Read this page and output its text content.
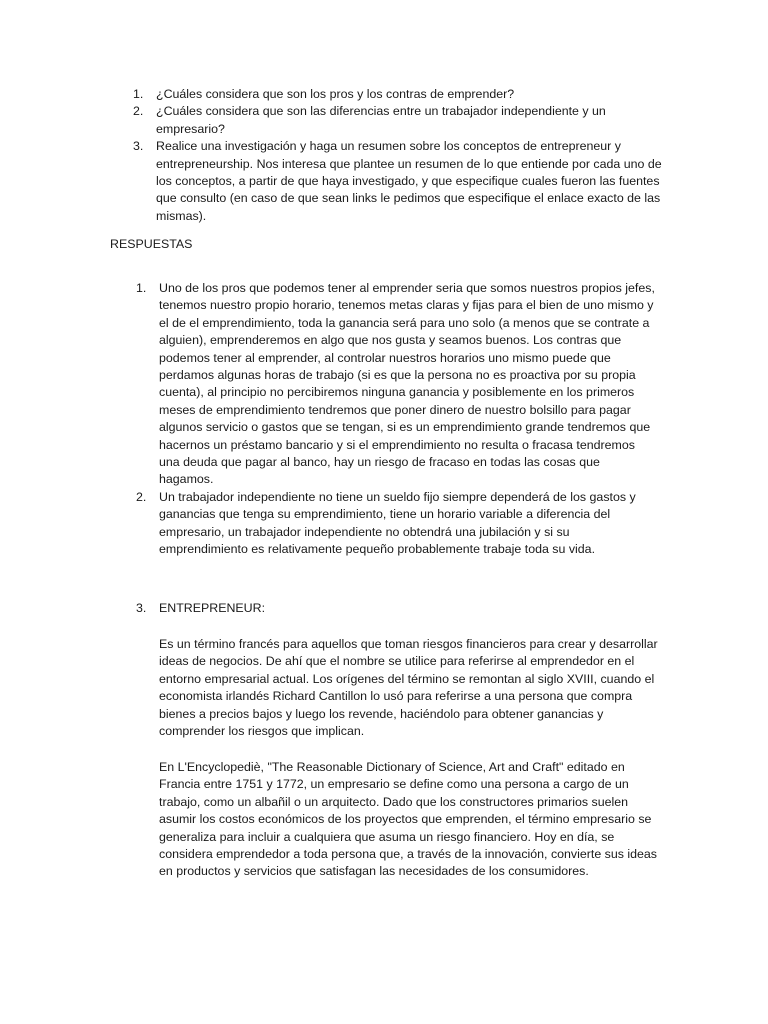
1. ¿Cuáles considera que son los pros y los contras de emprender?
2. ¿Cuáles considera que son las diferencias entre un trabajador independiente y un empresario?
3. Realice una investigación y haga un resumen sobre los conceptos de entrepreneur y entrepreneurship. Nos interesa que plantee un resumen de lo que entiende por cada uno de los conceptos, a partir de que haya investigado, y que especifique cuales fueron las fuentes que consulto (en caso de que sean links le pedimos que especifique el enlace exacto de las mismas).
RESPUESTAS
1. Uno de los pros que podemos tener al emprender seria que somos nuestros propios jefes, tenemos nuestro propio horario, tenemos metas claras y fijas para el bien de uno mismo y el de el emprendimiento, toda la ganancia será para uno solo (a menos que se contrate a alguien), emprenderemos en algo que nos gusta y seamos buenos. Los contras que podemos tener al emprender, al controlar nuestros horarios uno mismo puede que perdamos algunas horas de trabajo (si es que la persona no es proactiva por su propia cuenta), al principio no percibiremos ninguna ganancia y posiblemente en los primeros meses de emprendimiento tendremos que poner dinero de nuestro bolsillo para pagar algunos servicio o gastos que se tengan, si es un emprendimiento grande tendremos que hacernos un préstamo bancario y si el emprendimiento no resulta o fracasa tendremos una deuda que pagar al banco, hay un riesgo de fracaso en todas las cosas que hagamos.
2. Un trabajador independiente no tiene un sueldo fijo siempre dependerá de los gastos y ganancias que tenga su emprendimiento, tiene un horario variable a diferencia del empresario, un trabajador independiente no obtendrá una jubilación y si su emprendimiento es relativamente pequeño probablemente trabaje toda su vida.
3. ENTREPRENEUR:
Es un término francés para aquellos que toman riesgos financieros para crear y desarrollar ideas de negocios. De ahí que el nombre se utilice para referirse al emprendedor en el entorno empresarial actual. Los orígenes del término se remontan al siglo XVIII, cuando el economista irlandés Richard Cantillon lo usó para referirse a una persona que compra bienes a precios bajos y luego los revende, haciéndolo para obtener ganancias y comprender los riesgos que implican.
En L'Encyclopediè, "The Reasonable Dictionary of Science, Art and Craft" editado en Francia entre 1751 y 1772, un empresario se define como una persona a cargo de un trabajo, como un albañil o un arquitecto. Dado que los constructores primarios suelen asumir los costos económicos de los proyectos que emprenden, el término empresario se generaliza para incluir a cualquiera que asuma un riesgo financiero. Hoy en día, se considera emprendedor a toda persona que, a través de la innovación, convierte sus ideas en productos y servicios que satisfagan las necesidades de los consumidores.
